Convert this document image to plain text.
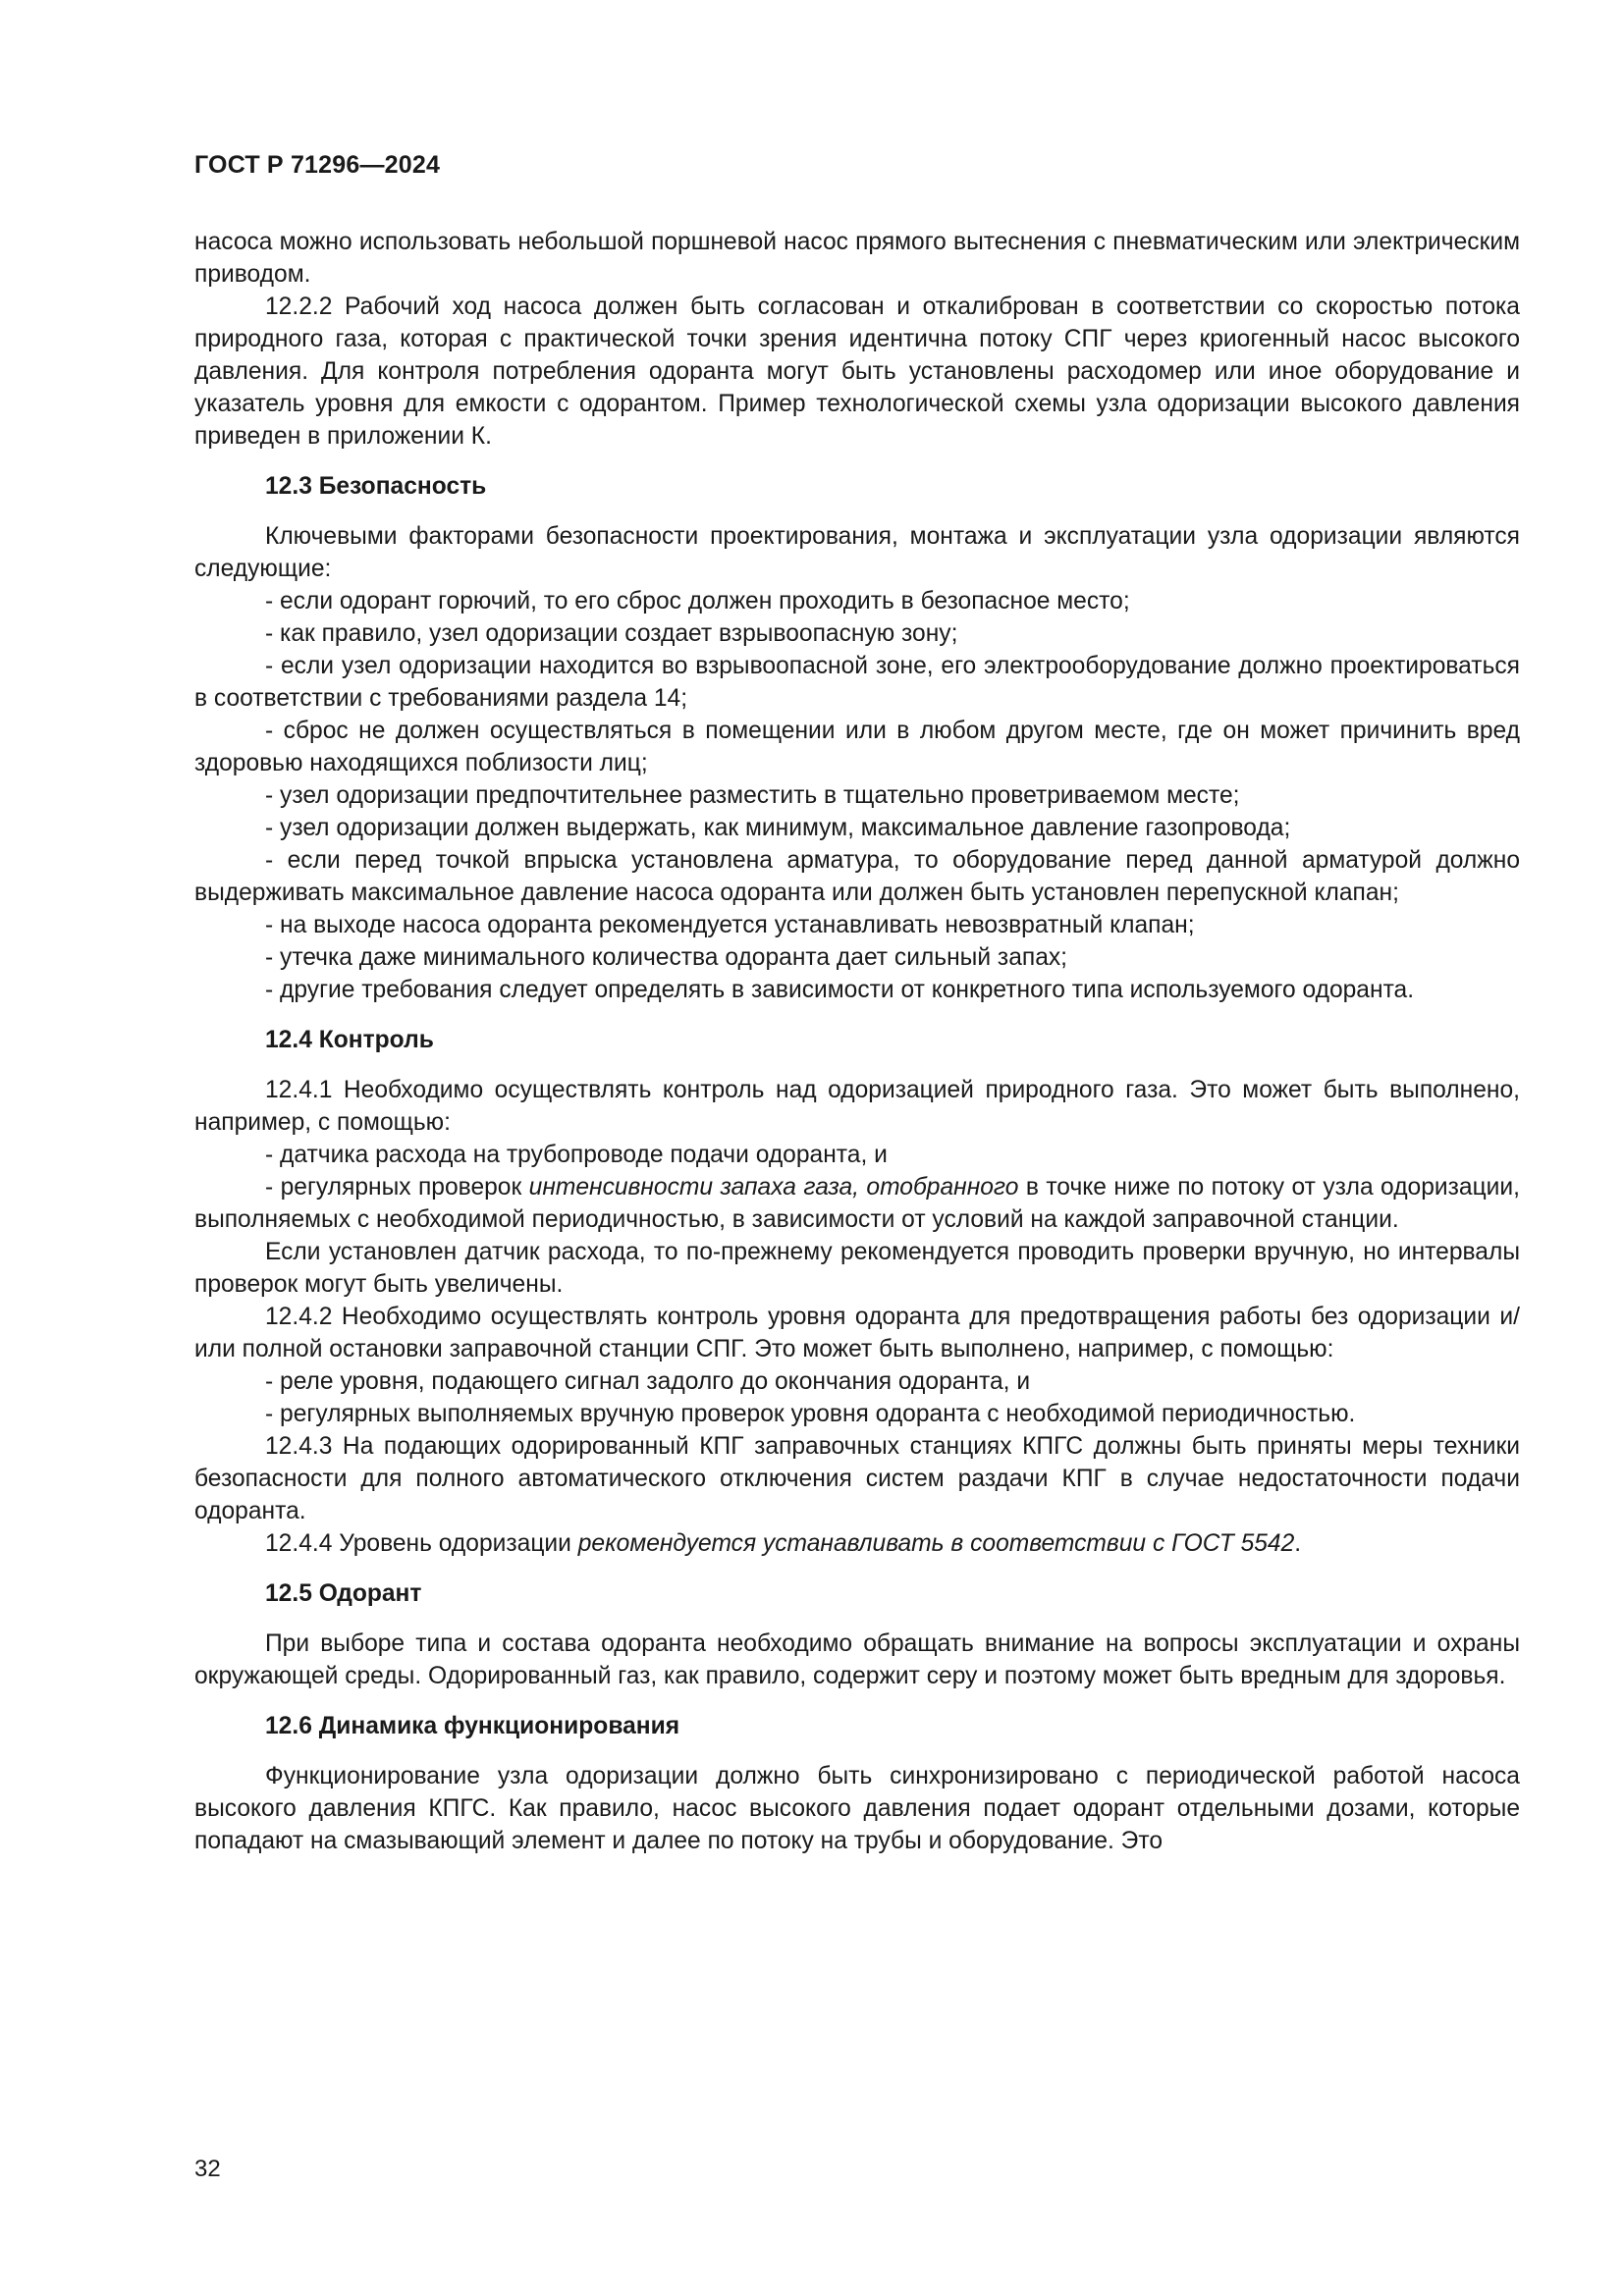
ГОСТ Р 71296—2024

насоса можно использовать небольшой поршневой насос прямого вытеснения с пневматическим или электрическим приводом.

12.2.2 Рабочий ход насоса должен быть согласован и откалиброван в соответствии со скоростью потока природного газа, которая с практической точки зрения идентична потоку СПГ через криогенный насос высокого давления. Для контроля потребления одоранта могут быть установлены расходомер или иное оборудование и указатель уровня для емкости с одорантом. Пример технологической схемы узла одоризации высокого давления приведен в приложении К.

12.3 Безопасность

Ключевыми факторами безопасности проектирования, монтажа и эксплуатации узла одоризации являются следующие:

- если одорант горючий, то его сброс должен проходить в безопасное место;

- как правило, узел одоризации создает взрывоопасную зону;

- если узел одоризации находится во взрывоопасной зоне, его электрооборудование должно проектироваться в соответствии с требованиями раздела 14;

- сброс не должен осуществляться в помещении или в любом другом месте, где он может причинить вред здоровью находящихся поблизости лиц;

- узел одоризации предпочтительнее разместить в тщательно проветриваемом месте;

- узел одоризации должен выдержать, как минимум, максимальное давление газопровода;

- если перед точкой впрыска установлена арматура, то оборудование перед данной арматурой должно выдерживать максимальное давление насоса одоранта или должен быть установлен перепускной клапан;

- на выходе насоса одоранта рекомендуется устанавливать невозвратный клапан;

- утечка даже минимального количества одоранта дает сильный запах;

- другие требования следует определять в зависимости от конкретного типа используемого одоранта.

12.4 Контроль

12.4.1 Необходимо осуществлять контроль над одоризацией природного газа. Это может быть выполнено, например, с помощью:

- датчика расхода на трубопроводе подачи одоранта, и

- регулярных проверок интенсивности запаха газа, отобранного в точке ниже по потоку от узла одоризации, выполняемых с необходимой периодичностью, в зависимости от условий на каждой заправочной станции.

Если установлен датчик расхода, то по-прежнему рекомендуется проводить проверки вручную, но интервалы проверок могут быть увеличены.

12.4.2 Необходимо осуществлять контроль уровня одоранта для предотвращения работы без одоризации и/или полной остановки заправочной станции СПГ. Это может быть выполнено, например, с помощью:

- реле уровня, подающего сигнал задолго до окончания одоранта, и

- регулярных выполняемых вручную проверок уровня одоранта с необходимой периодичностью.

12.4.3 На подающих одорированный КПГ заправочных станциях КПГС должны быть приняты меры техники безопасности для полного автоматического отключения систем раздачи КПГ в случае недостаточности подачи одоранта.

12.4.4 Уровень одоризации рекомендуется устанавливать в соответствии с ГОСТ 5542.

12.5 Одорант

При выборе типа и состава одоранта необходимо обращать внимание на вопросы эксплуатации и охраны окружающей среды. Одорированный газ, как правило, содержит серу и поэтому может быть вредным для здоровья.

12.6 Динамика функционирования

Функционирование узла одоризации должно быть синхронизировано с периодической работой насоса высокого давления КПГС. Как правило, насос высокого давления подает одорант отдельными дозами, которые попадают на смазывающий элемент и далее по потоку на трубы и оборудование. Это

32
